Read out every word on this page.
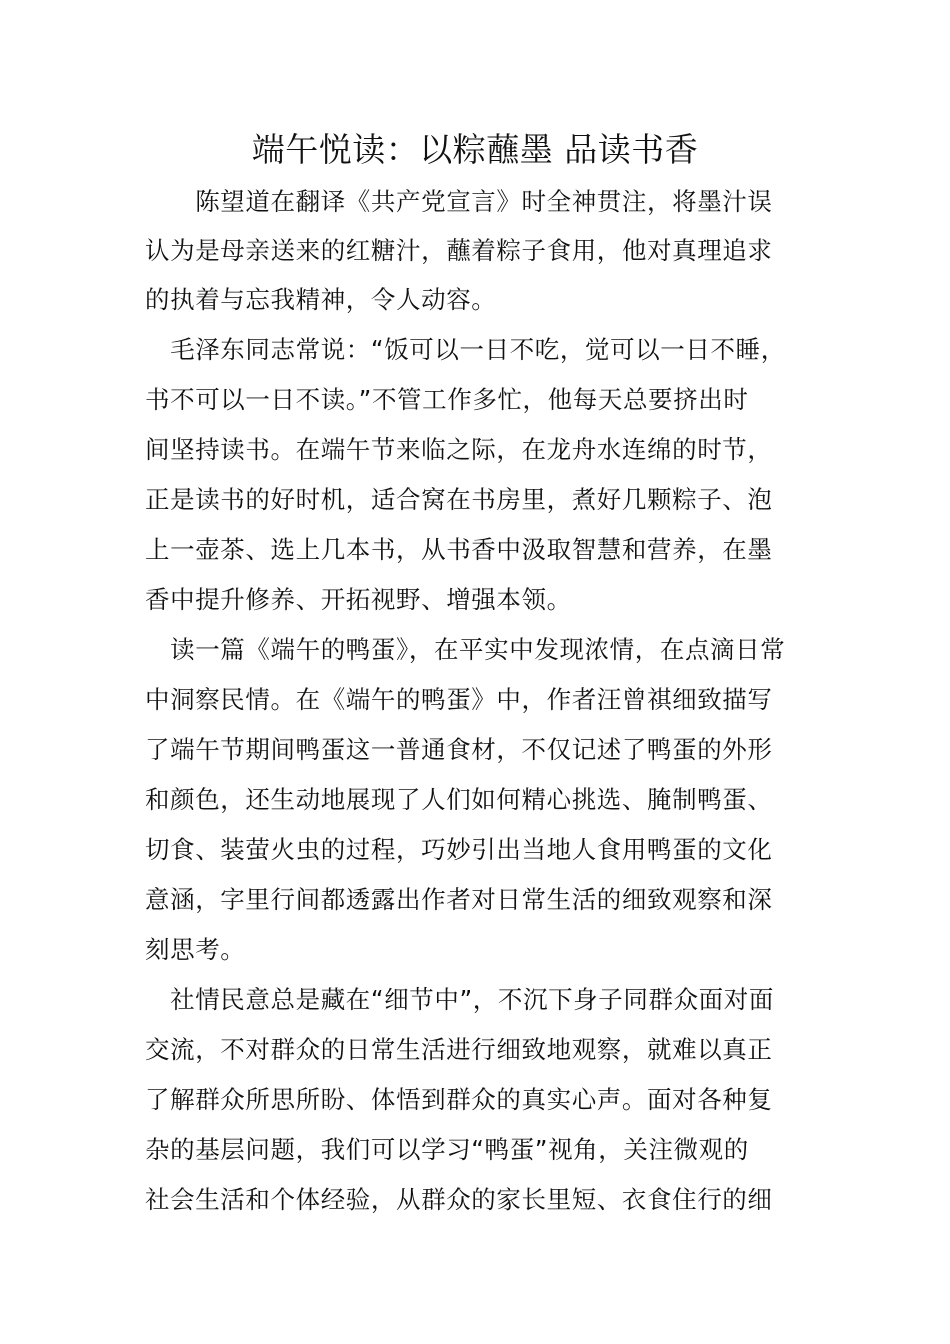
端午悦读：以粽蘸墨 品读书香
　　陈望道在翻译《共产党宣言》时全神贯注，将墨汁误
认为是母亲送来的红糖汁，蘸着粽子食用，他对真理追求
的执着与忘我精神，令人动容。
　毛泽东同志常说：“饭可以一日不吃，觉可以一日不睡，
书不可以一日不读。”不管工作多忙，他每天总要挤出时
间坚持读书。在端午节来临之际，在龙舟水连绵的时节，
正是读书的好时机，适合窝在书房里，煮好几颗粽子、泡
上一壶茶、选上几本书，从书香中汲取智慧和营养，在墨
香中提升修养、开拓视野、增强本领。
　读一篇《端午的鸭蛋》，在平实中发现浓情，在点滴日常
中洞察民情。在《端午的鸭蛋》中，作者汪曾祺细致描写
了端午节期间鸭蛋这一普通食材，不仅记述了鸭蛋的外形
和颜色，还生动地展现了人们如何精心挑选、腌制鸭蛋、
切食、装萤火虫的过程，巧妙引出当地人食用鸭蛋的文化
意涵，字里行间都透露出作者对日常生活的细致观察和深
刻思考。
　社情民意总是藏在“细节中”，不沉下身子同群众面对面
交流，不对群众的日常生活进行细致地观察，就难以真正
了解群众所思所盼、体悟到群众的真实心声。面对各种复
杂的基层问题，我们可以学习“鸭蛋”视角，关注微观的
社会生活和个体经验，从群众的家长里短、衣食住行的细
